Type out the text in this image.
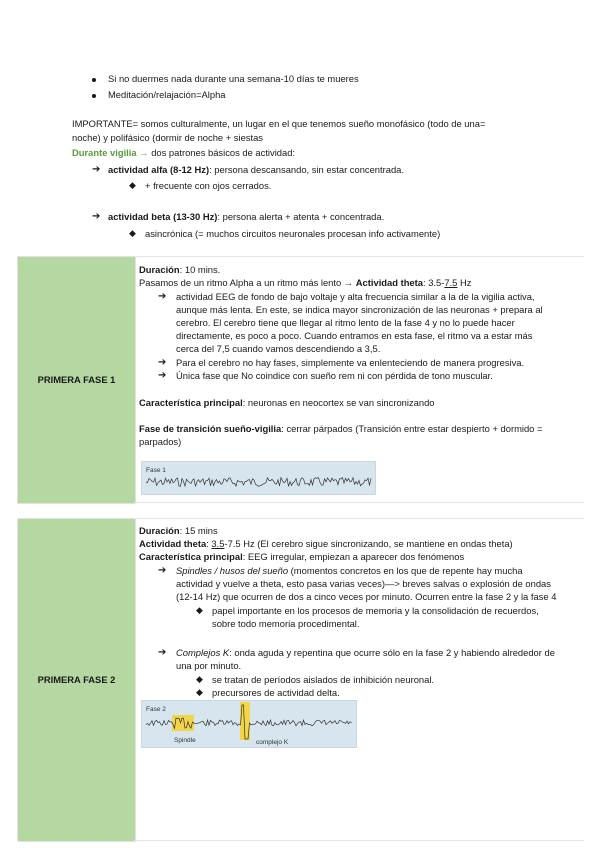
Si no duermes nada durante una semana-10 días te mueres
Meditación/relajación=Alpha
IMPORTANTE= somos culturalmente, un lugar en el que tenemos sueño monofásico (todo de una=
noche) y polifásico (dormir de noche + siestas
Durante vigilia → dos patrones básicos de actividad:
➔ actividad alfa (8-12 Hz): persona descansando, sin estar concentrada.
◆ + frecuente con ojos cerrados.
➔ actividad beta (13-30 Hz): persona alerta + atenta + concentrada.
◆ asincrónica (= muchos circuitos neuronales procesan info activamente)
PRIMERA FASE 1
Duración: 10 mins.
Pasamos de un ritmo Alpha a un ritmo más lento → Actividad theta: 3.5-7.5 Hz
➔ actividad EEG de fondo de bajo voltaje y alta frecuencia similar a la de la vigilia activa,
aunque más lenta. En este, se indica mayor sincronización de las neuronas + prepara al
cerebro. El cerebro tiene que llegar al ritmo lento de la fase 4 y no lo puede hacer
directamente, es poco a poco. Cuando entramos en esta fase, el ritmo va a estar más
cerca del 7,5 cuando vamos descendiendo a 3,5.
➔ Para el cerebro no hay fases, simplemente va enlenteciendo de manera progresiva.
➔ Única fase que No coindice con sueño rem ni con pérdida de tono muscular.
Característica principal: neuronas en neocortex se van sincronizando
Fase de transición sueño-vigilia: cerrar párpados (Transición entre estar despierto + dormido =
parpados)
Fase 1
PRIMERA FASE 2
Duración: 15 mins
Actividad theta: 3.5-7.5 Hz (El cerebro sigue sincronizando, se mantiene en ondas theta)
Característica principal: EEG irregular, empiezan a aparecer dos fenómenos
➔ Spindles / husos del sueño (momentos concretos en los que de repente hay mucha
actividad y vuelve a theta, esto pasa varias veces)—> breves salvas o explosión de ondas
(12-14 Hz) que ocurren de dos a cinco veces por minuto. Ocurren entre la fase 2 y la fase 4
◆ papel importante en los procesos de memoria y la consolidación de recuerdos,
sobre todo memoria procedimental.
➔ Complejos K: onda aguda y repentina que ocurre sólo en la fase 2 y habiendo alrededor de
una por minuto.
◆ se tratan de períodos aislados de inhibición neuronal.
◆ precursores de actividad delta.
Fase 2
Spindle	complejo K
